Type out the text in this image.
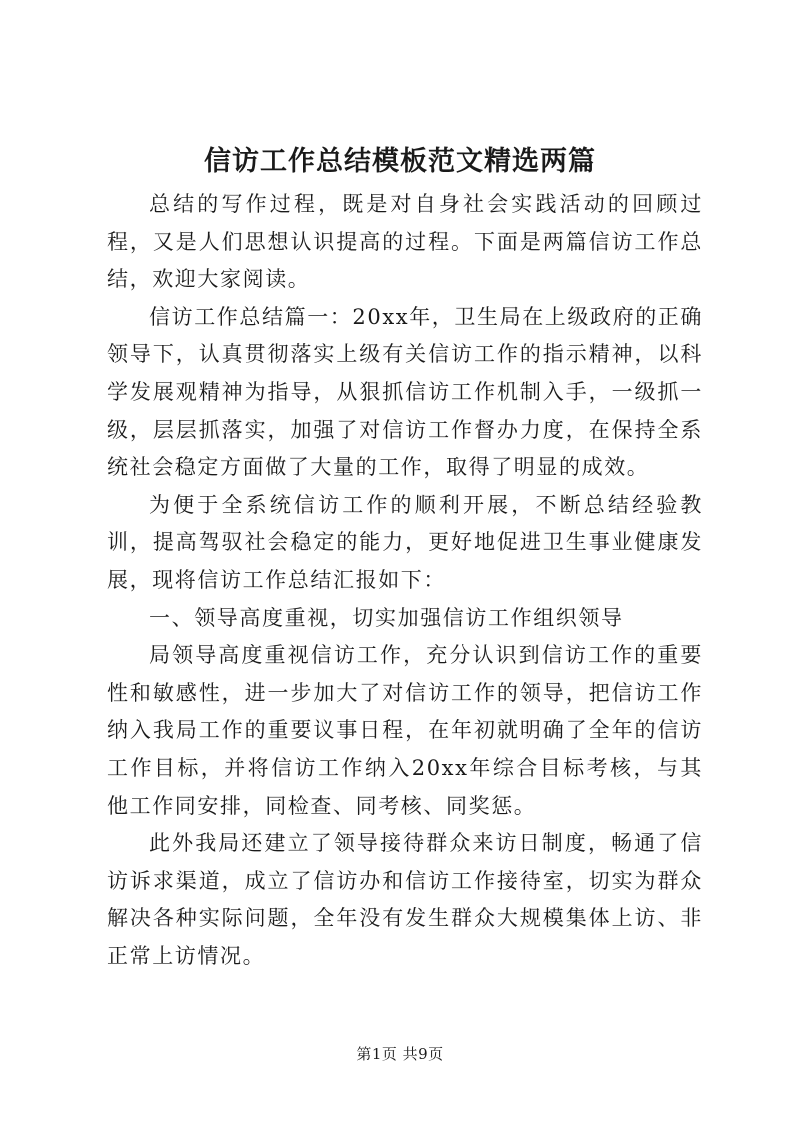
信访工作总结模板范文精选两篇

总结的写作过程，既是对自身社会实践活动的回顾过程，又是人们思想认识提高的过程。下面是两篇信访工作总结，欢迎大家阅读。

信访工作总结篇一：20xx年，卫生局在上级政府的正确领导下，认真贯彻落实上级有关信访工作的指示精神，以科学发展观精神为指导，从狠抓信访工作机制入手，一级抓一级，层层抓落实，加强了对信访工作督办力度，在保持全系统社会稳定方面做了大量的工作，取得了明显的成效。

为便于全系统信访工作的顺利开展，不断总结经验教训，提高驾驭社会稳定的能力，更好地促进卫生事业健康发展，现将信访工作总结汇报如下：

一、领导高度重视，切实加强信访工作组织领导

局领导高度重视信访工作，充分认识到信访工作的重要性和敏感性，进一步加大了对信访工作的领导，把信访工作纳入我局工作的重要议事日程，在年初就明确了全年的信访工作目标，并将信访工作纳入20xx年综合目标考核，与其他工作同安排，同检查、同考核、同奖惩。

此外我局还建立了领导接待群众来访日制度，畅通了信访诉求渠道，成立了信访办和信访工作接待室，切实为群众解决各种实际问题，全年没有发生群众大规模集体上访、非正常上访情况。

第1页 共9页
